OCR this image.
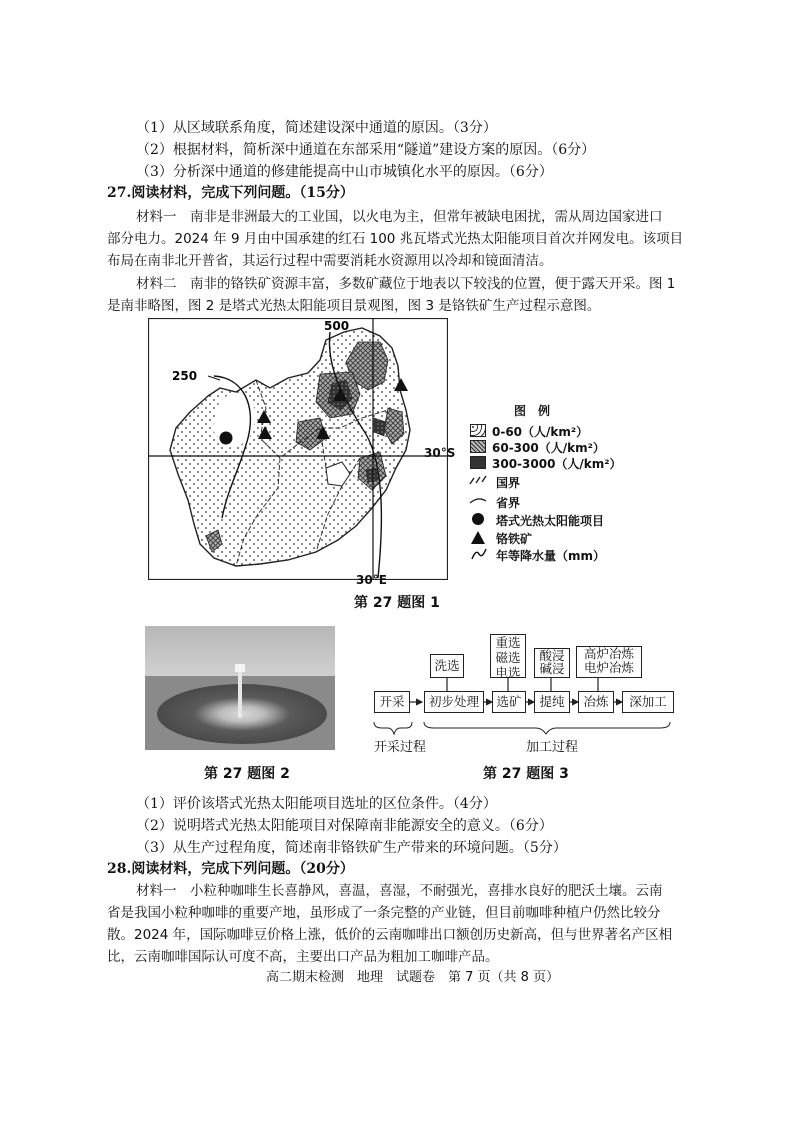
（1）从区域联系角度，简述建设深中通道的原因。（3分）
（2）根据材料，简析深中通道在东部采用“隧道”建设方案的原因。（6分）
（3）分析深中通道的修建能提高中山市城镇化水平的原因。（6分）
27.阅读材料，完成下列问题。（15分）
材料一　南非是非洲最大的工业国，以火电为主，但常年被缺电困扰，需从周边国家进口
部分电力。2024 年 9 月由中国承建的红石 100 兆瓦塔式光热太阳能项目首次并网发电。该项目
布局在南非北开普省，其运行过程中需要消耗水资源用以冷却和镜面清洁。
材料二　南非的铬铁矿资源丰富，多数矿藏位于地表以下较浅的位置，便于露天开采。图 1
是南非略图，图 2 是塔式光热太阳能项目景观图，图 3 是铬铁矿生产过程示意图。
500
250
30°S
30°E
图　例
0-60（人/km²）
60-300（人/km²）
300-3000（人/km²）
国界
省界
塔式光热太阳能项目
铬铁矿
年等降水量（mm）
第 27 题图 1
第 27 题图 2
洗选
重选
磁选
电选
酸浸
碱浸
高炉冶炼
电炉冶炼
开采	初步处理	选矿	提纯	冶炼	深加工
开采过程	加工过程
第 27 题图 3
（1）评价该塔式光热太阳能项目选址的区位条件。（4分）
（2）说明塔式光热太阳能项目对保障南非能源安全的意义。（6分）
（3）从生产过程角度，简述南非铬铁矿生产带来的环境问题。（5分）
28.阅读材料，完成下列问题。（20分）
材料一　小粒种咖啡生长喜静风，喜温，喜湿，不耐强光，喜排水良好的肥沃土壤。云南
省是我国小粒种咖啡的重要产地，虽形成了一条完整的产业链，但目前咖啡种植户仍然比较分
散。2024 年，国际咖啡豆价格上涨，低价的云南咖啡出口额创历史新高，但与世界著名产区相
比，云南咖啡国际认可度不高，主要出口产品为粗加工咖啡产品。
高二期末检测　地理　试题卷　第 7 页（共 8 页）
